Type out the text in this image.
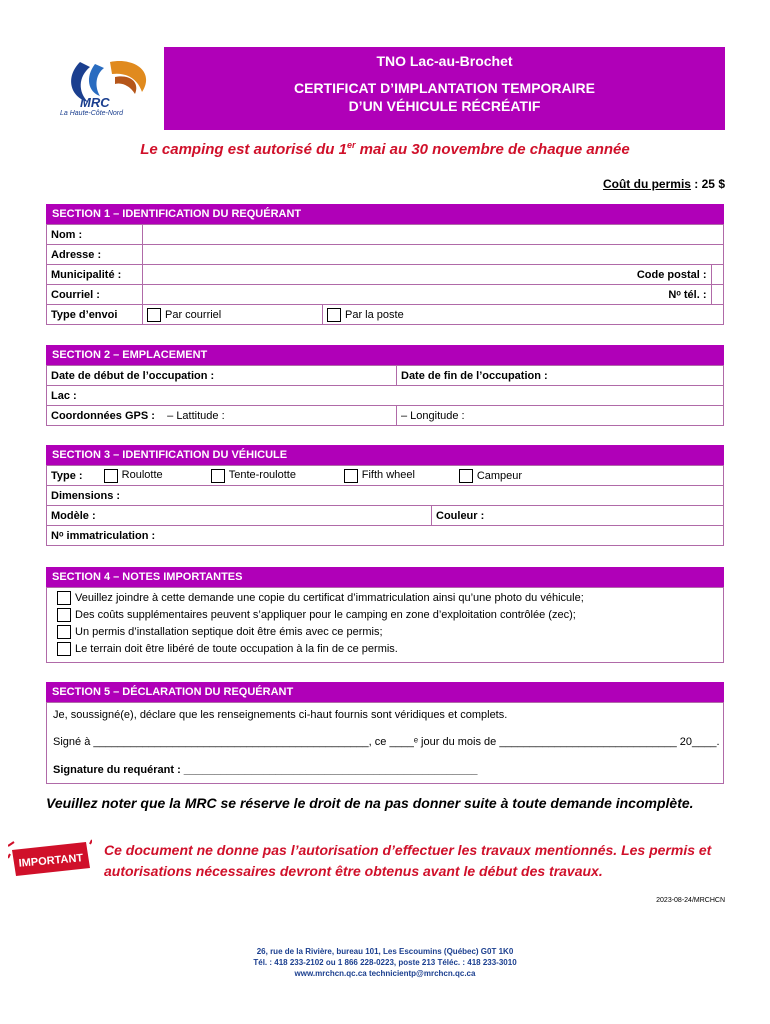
MRC
La Haute-Côte-Nord
TNO Lac-au-Brochet
CERTIFICAT D’IMPLANTATION TEMPORAIRE
D’UN VÉHICULE RÉCRÉATIF
Le camping est autorisé du 1er mai au 30 novembre de chaque année
Coût du permis : 25 $
SECTION 1 – IDENTIFICATION DU REQUÉRANT
Nom :			
Adresse :			
Municipalité :	Code postal :		
Courriel :	Nᵒ tél. :		
Type d’envoi	Par courriel	Par la poste	
SECTION 2 – EMPLACEMENT
Date de début de l’occupation :	Date de fin de l’occupation :
Lac :	
Coordonnées GPS : – Lattitude :	– Longitude :
SECTION 3 – IDENTIFICATION DU VÉHICULE
Type :	Roulotte	Tente-roulotte	Fifth wheel	Campeur
Dimensions :
Modèle :	Couleur :
Nᵒ immatriculation :
SECTION 4 – NOTES IMPORTANTES
Veuillez joindre à cette demande une copie du certificat d’immatriculation ainsi qu’une photo du véhicule;
Des coûts supplémentaires peuvent s’appliquer pour le camping en zone d’exploitation contrôlée (zec);
Un permis d’installation septique doit être émis avec ce permis;
Le terrain doit être libéré de toute occupation à la fin de ce permis.
SECTION 5 – DÉCLARATION DU REQUÉRANT
Je, soussigné(e), déclare que les renseignements ci-haut fournis sont véridiques et complets.
Signé à _____________________________________________, ce ____ᵉ jour du mois de _____________________________ 20____.
Signature du requérant : ________________________________________________
Veuillez noter que la MRC se réserve le droit de na pas donner suite à toute demande incomplète.
IMPORTANT
Ce document ne donne pas l’autorisation d’effectuer les travaux mentionnés. Les permis et autorisations nécessaires devront être obtenus avant le début des travaux.
2023-08-24/MRCHCN
26, rue de la Rivière, bureau 101, Les Escoumins (Québec) G0T 1K0
Tél. : 418 233-2102 ou 1 866 228-0223, poste 213 Téléc. : 418 233-3010
www.mrchcn.qc.ca technicientp@mrchcn.qc.ca
